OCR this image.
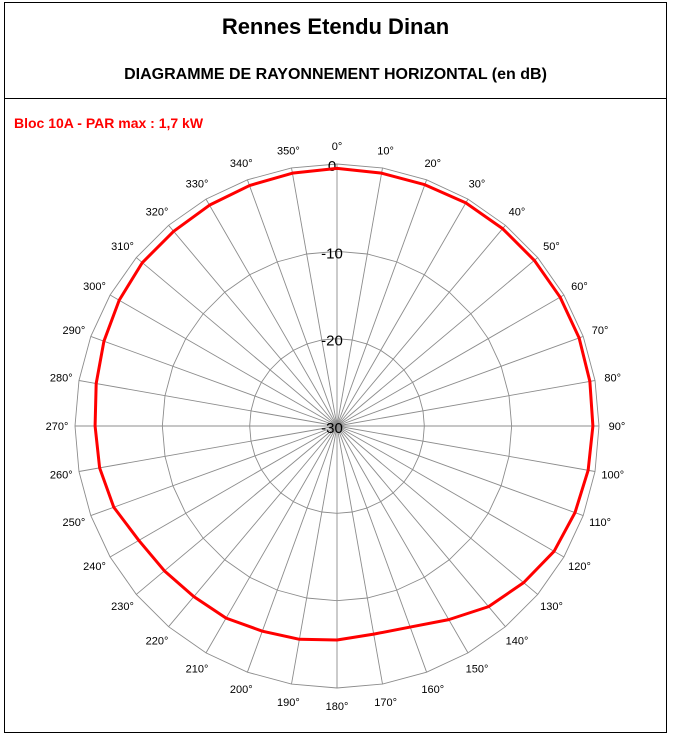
Rennes Etendu Dinan
DIAGRAMME DE RAYONNEMENT HORIZONTAL (en dB)
Bloc 10A - PAR max : 1,7 kW
0
-10
-20
-30
0°	10°
20°
30°
40°
50°
60°
70°
80°
90°
100°
110°
120°
130°
140°
150°
160°
170°
180°
190°
200°
210°
220°
230°
240°
250°
260°
270°
280°
290°
300°
310°
320°
330°
340°
350°
